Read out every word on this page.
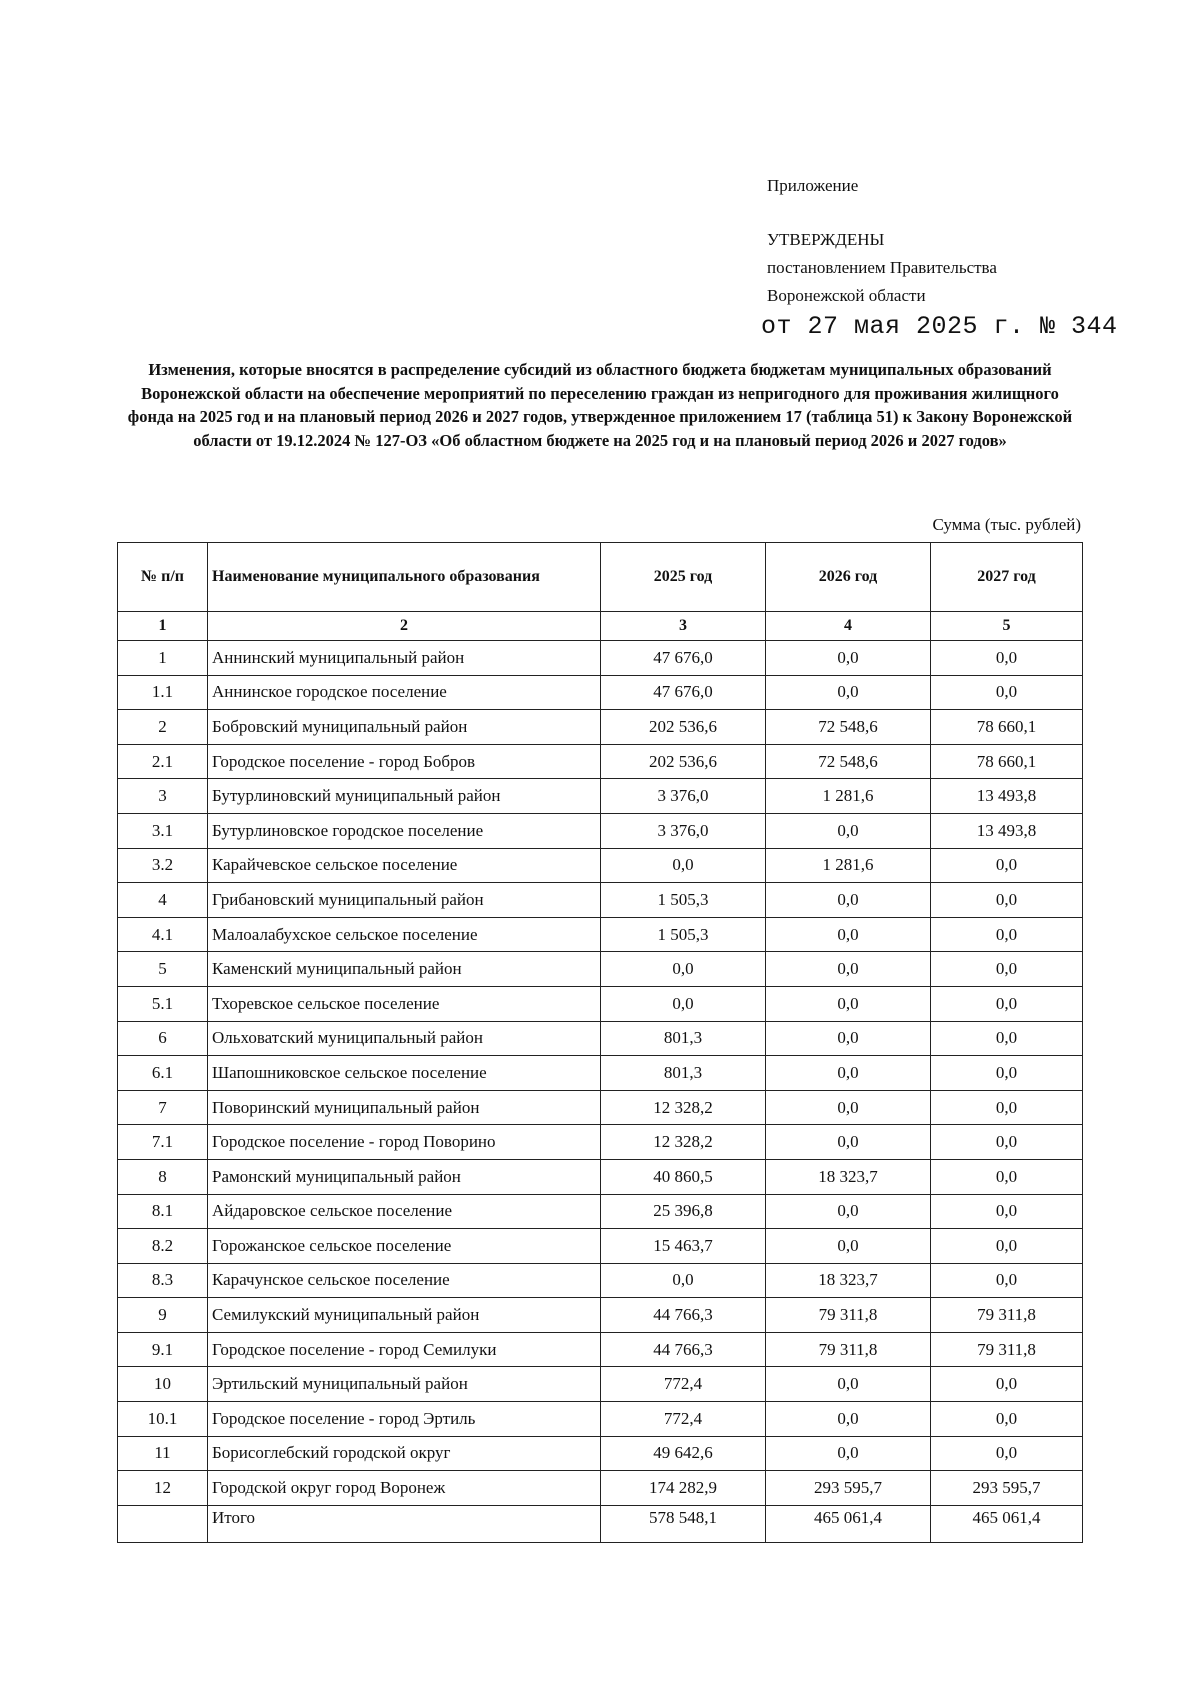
Приложение
УТВЕРЖДЕНЫ
постановлением Правительства
Воронежской области
от 27 мая 2025 г. № 344
Изменения, которые вносятся в распределение субсидий из областного бюджета бюджетам муниципальных образований Воронежской области на обеспечение мероприятий по переселению граждан из непригодного для проживания жилищного фонда на 2025 год и на плановый период 2026 и 2027 годов, утвержденное приложением 17 (таблица 51) к Закону Воронежской области от 19.12.2024 № 127-ОЗ «Об областном бюджете на 2025 год и на плановый период 2026 и 2027 годов»
Сумма (тыс. рублей)
№ п/п	Наименование муниципального образования	2025 год	2026 год	2027 год
1	2	3	4	5
1	Аннинский муниципальный район	47 676,0	0,0	0,0
1.1	Аннинское городское поселение	47 676,0	0,0	0,0
2	Бобровский муниципальный район	202 536,6	72 548,6	78 660,1
2.1	Городское поселение - город Бобров	202 536,6	72 548,6	78 660,1
3	Бутурлиновский муниципальный район	3 376,0	1 281,6	13 493,8
3.1	Бутурлиновское городское поселение	3 376,0	0,0	13 493,8
3.2	Карайчевское сельское поселение	0,0	1 281,6	0,0
4	Грибановский муниципальный район	1 505,3	0,0	0,0
4.1	Малоалабухское сельское поселение	1 505,3	0,0	0,0
5	Каменский муниципальный район	0,0	0,0	0,0
5.1	Тхоревское сельское поселение	0,0	0,0	0,0
6	Ольховатский муниципальный район	801,3	0,0	0,0
6.1	Шапошниковское сельское поселение	801,3	0,0	0,0
7	Поворинский муниципальный район	12 328,2	0,0	0,0
7.1	Городское поселение - город Поворино	12 328,2	0,0	0,0
8	Рамонский муниципальный район	40 860,5	18 323,7	0,0
8.1	Айдаровское сельское поселение	25 396,8	0,0	0,0
8.2	Горожанское сельское поселение	15 463,7	0,0	0,0
8.3	Карачунское сельское поселение	0,0	18 323,7	0,0
9	Семилукский муниципальный район	44 766,3	79 311,8	79 311,8
9.1	Городское поселение - город Семилуки	44 766,3	79 311,8	79 311,8
10	Эртильский муниципальный район	772,4	0,0	0,0
10.1	Городское поселение - город Эртиль	772,4	0,0	0,0
11	Борисоглебский городской округ	49 642,6	0,0	0,0
12	Городской округ город Воронеж	174 282,9	293 595,7	293 595,7
	Итого	578 548,1	465 061,4	465 061,4
